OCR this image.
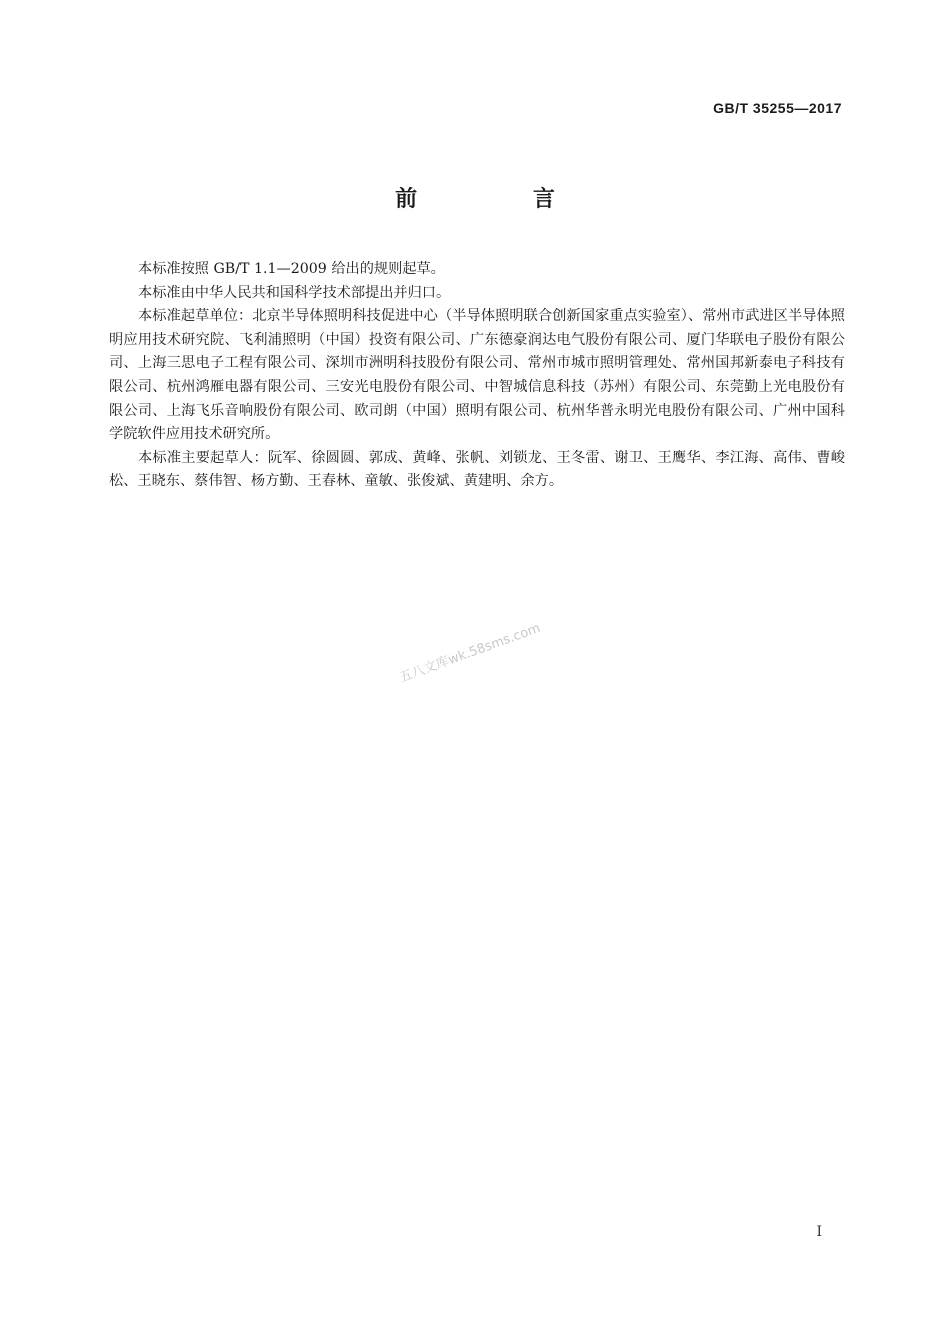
GB/T 35255—2017
前 言

本标准按照 GB/T 1.1—2009 给出的规则起草。

本标准由中华人民共和国科学技术部提出并归口。

本标准起草单位：北京半导体照明科技促进中心（半导体照明联合创新国家重点实验室）、常州市武进区半导体照明应用技术研究院、飞利浦照明（中国）投资有限公司、广东德豪润达电气股份有限公司、厦门华联电子股份有限公司、上海三思电子工程有限公司、深圳市洲明科技股份有限公司、常州市城市照明管理处、常州国邦新泰电子科技有限公司、杭州鸿雁电器有限公司、三安光电股份有限公司、中智城信息科技（苏州）有限公司、东莞勤上光电股份有限公司、上海飞乐音响股份有限公司、欧司朗（中国）照明有限公司、杭州华普永明光电股份有限公司、广州中国科学院软件应用技术研究所。

本标准主要起草人：阮军、徐圆圆、郭成、黄峰、张帆、刘锁龙、王冬雷、谢卫、王鹰华、李江海、高伟、曹峻松、王晓东、蔡伟智、杨方勤、王春林、童敏、张俊斌、黄建明、余方。

五八文库wk.58sms.com
I
